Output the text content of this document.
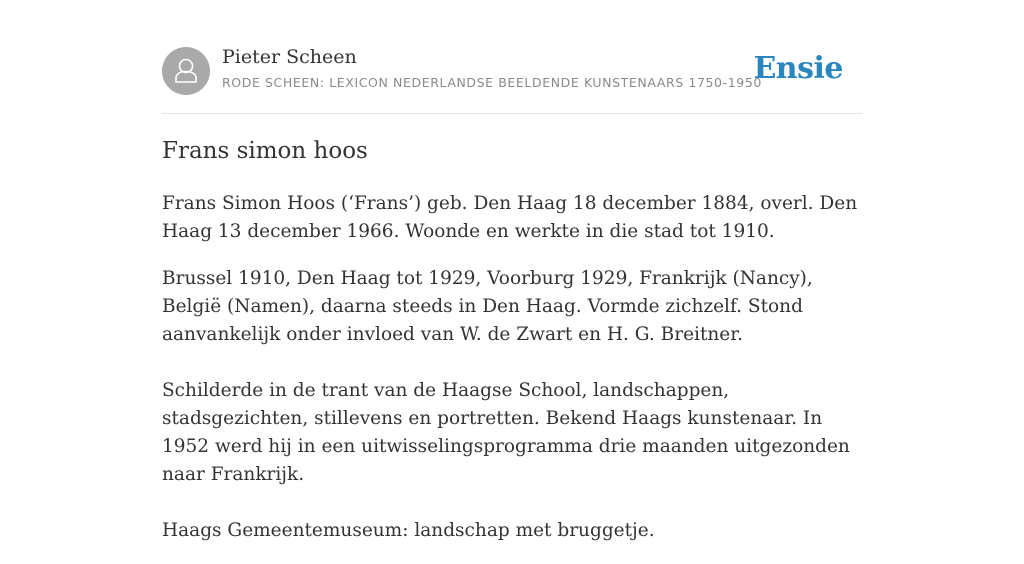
Pieter Scheen
RODE SCHEEN: LEXICON NEDERLANDSE BEELDENDE KUNSTENAARS 1750-1950
Ensie
Frans simon hoos

Frans Simon Hoos (‘Frans’) geb. Den Haag 18 december 1884, overl. Den Haag 13 december 1966. Woonde en werkte in die stad tot 1910.

Brussel 1910, Den Haag tot 1929, Voorburg 1929, Frankrijk (Nancy), België (Namen), daarna steeds in Den Haag. Vormde zichzelf. Stond aanvankelijk onder invloed van W. de Zwart en H. G. Breitner.

Schilderde in de trant van de Haagse School, landschappen, stadsgezichten, stillevens en portretten. Bekend Haags kunstenaar. In 1952 werd hij in een uitwisselingsprogramma drie maanden uitgezonden naar Frankrijk.

Haags Gemeentemuseum: landschap met bruggetje.
